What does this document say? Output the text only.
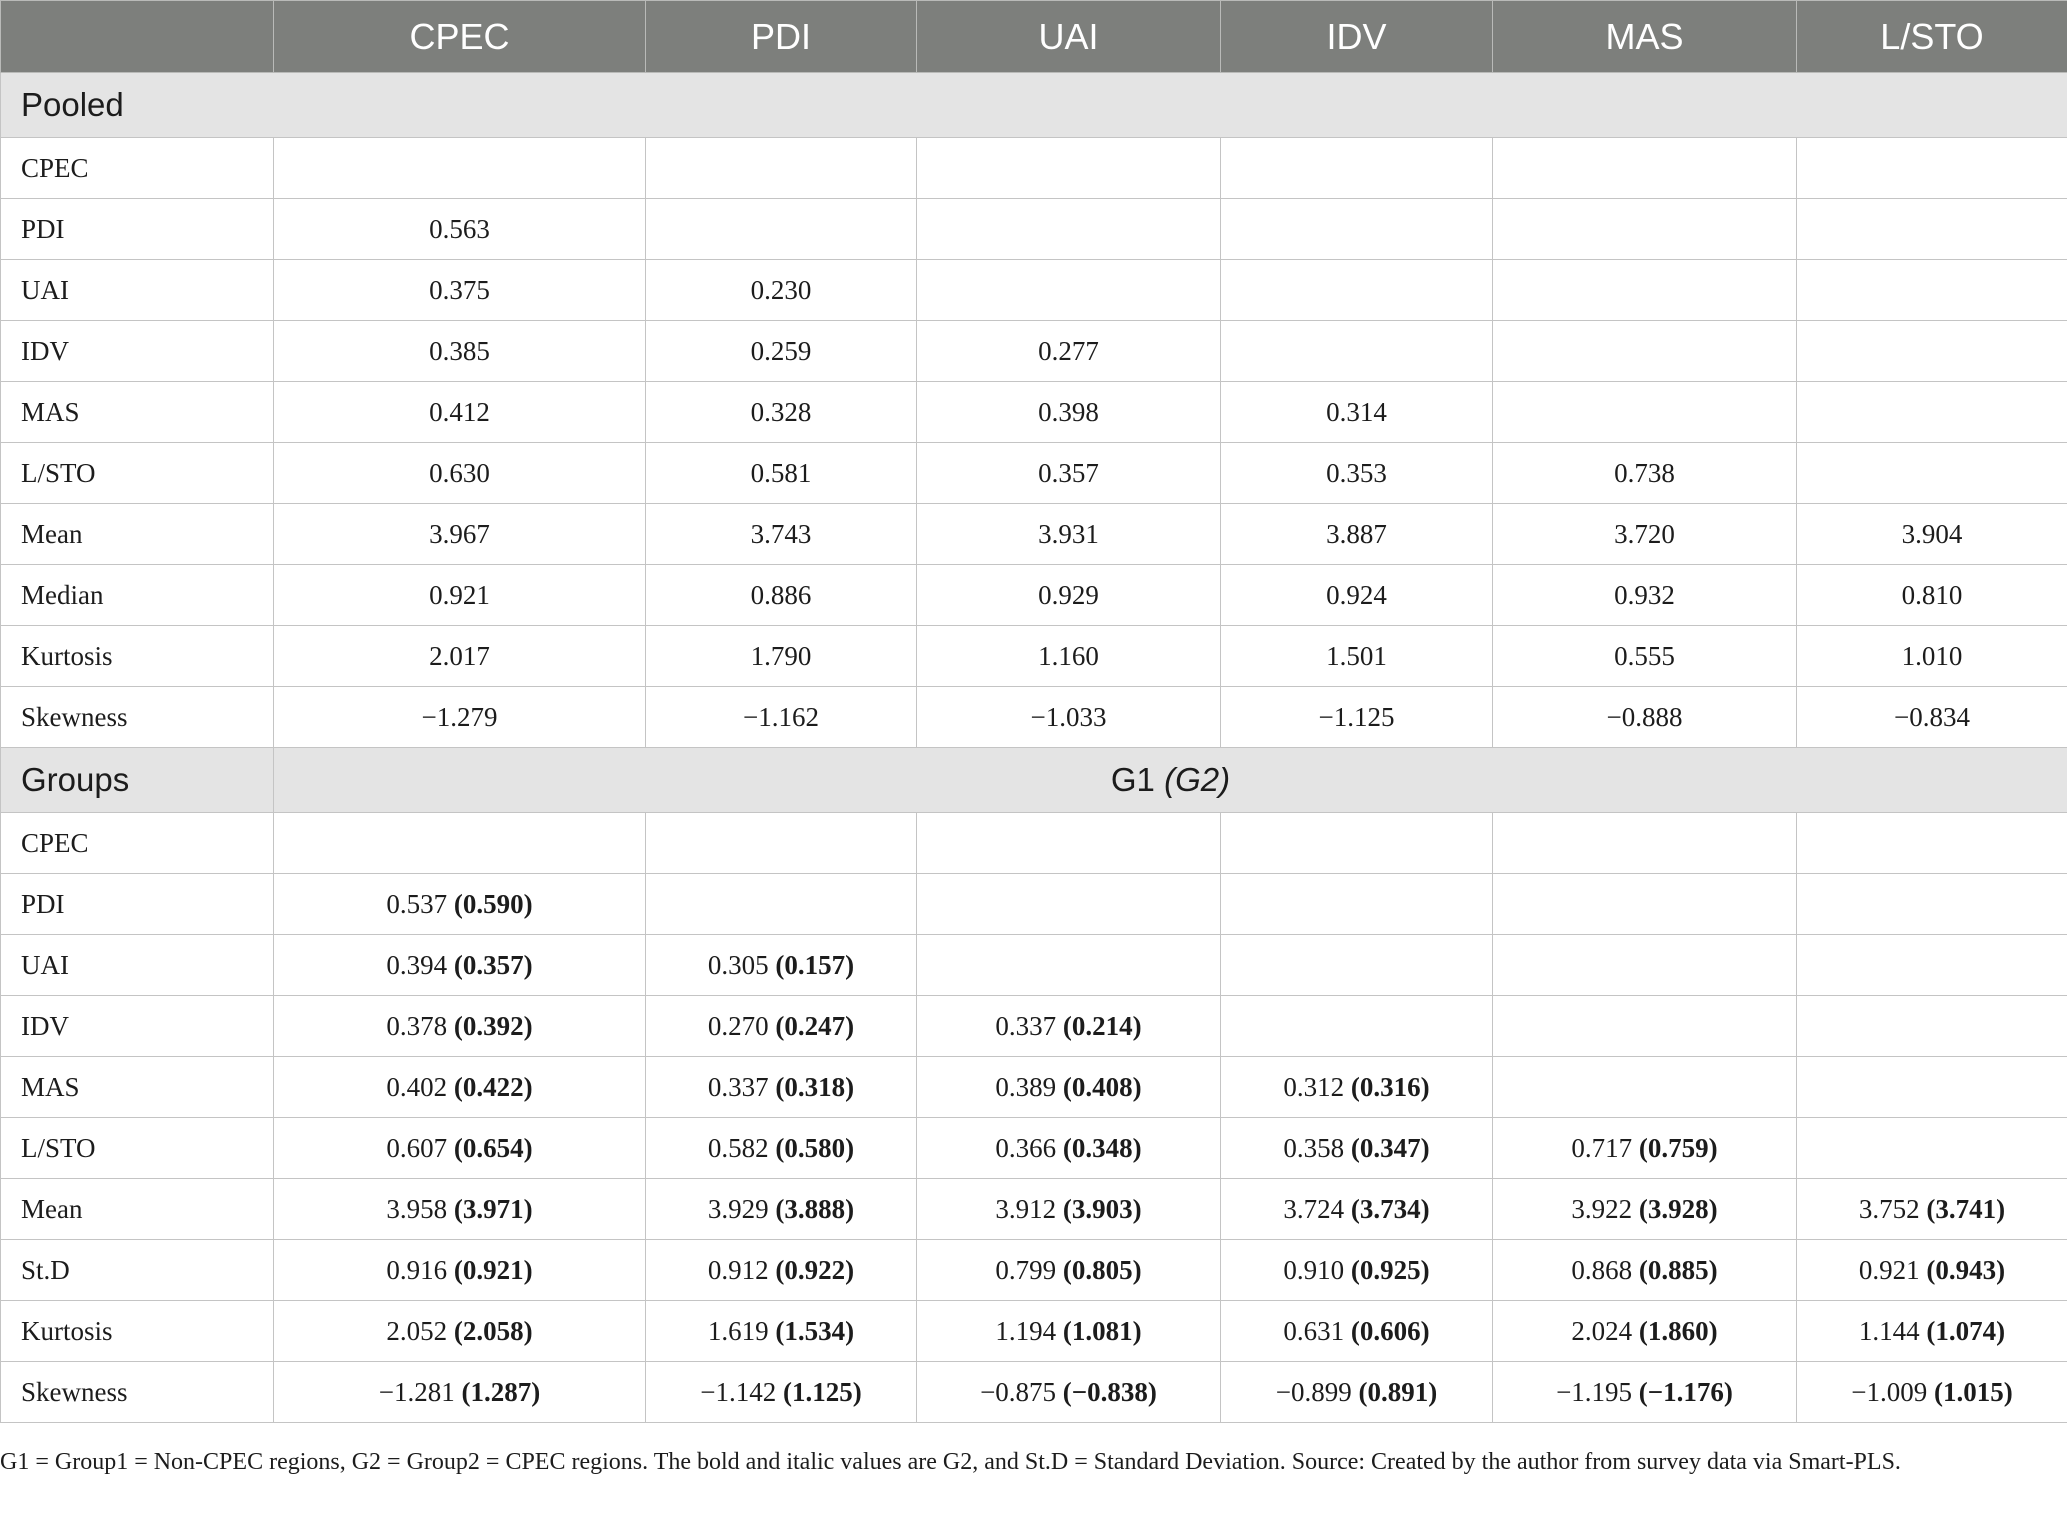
	CPEC	PDI	UAI	IDV	MAS	L/STO
Pooled						
CPEC						
PDI	0.563					
UAI	0.375	0.230				
IDV	0.385	0.259	0.277			
MAS	0.412	0.328	0.398	0.314		
L/STO	0.630	0.581	0.357	0.353	0.738	
Mean	3.967	3.743	3.931	3.887	3.720	3.904
Median	0.921	0.886	0.929	0.924	0.932	0.810
Kurtosis	2.017	1.790	1.160	1.501	0.555	1.010
Skewness	−1.279	−1.162	−1.033	−1.125	−0.888	−0.834
Groups	G1 (G2)					
CPEC						
PDI	0.537 (0.590)					
UAI	0.394 (0.357)	0.305 (0.157)				
IDV	0.378 (0.392)	0.270 (0.247)	0.337 (0.214)			
MAS	0.402 (0.422)	0.337 (0.318)	0.389 (0.408)	0.312 (0.316)		
L/STO	0.607 (0.654)	0.582 (0.580)	0.366 (0.348)	0.358 (0.347)	0.717 (0.759)	
Mean	3.958 (3.971)	3.929 (3.888)	3.912 (3.903)	3.724 (3.734)	3.922 (3.928)	3.752 (3.741)
St.D	0.916 (0.921)	0.912 (0.922)	0.799 (0.805)	0.910 (0.925)	0.868 (0.885)	0.921 (0.943)
Kurtosis	2.052 (2.058)	1.619 (1.534)	1.194 (1.081)	0.631 (0.606)	2.024 (1.860)	1.144 (1.074)
Skewness	−1.281 (1.287)	−1.142 (1.125)	−0.875 (−0.838)	−0.899 (0.891)	−1.195 (−1.176)	−1.009 (1.015)
G1 = Group1 = Non-CPEC regions, G2 = Group2 = CPEC regions. The bold and italic values are G2, and St.D = Standard Deviation. Source: Created by the author from survey data via Smart-PLS.
